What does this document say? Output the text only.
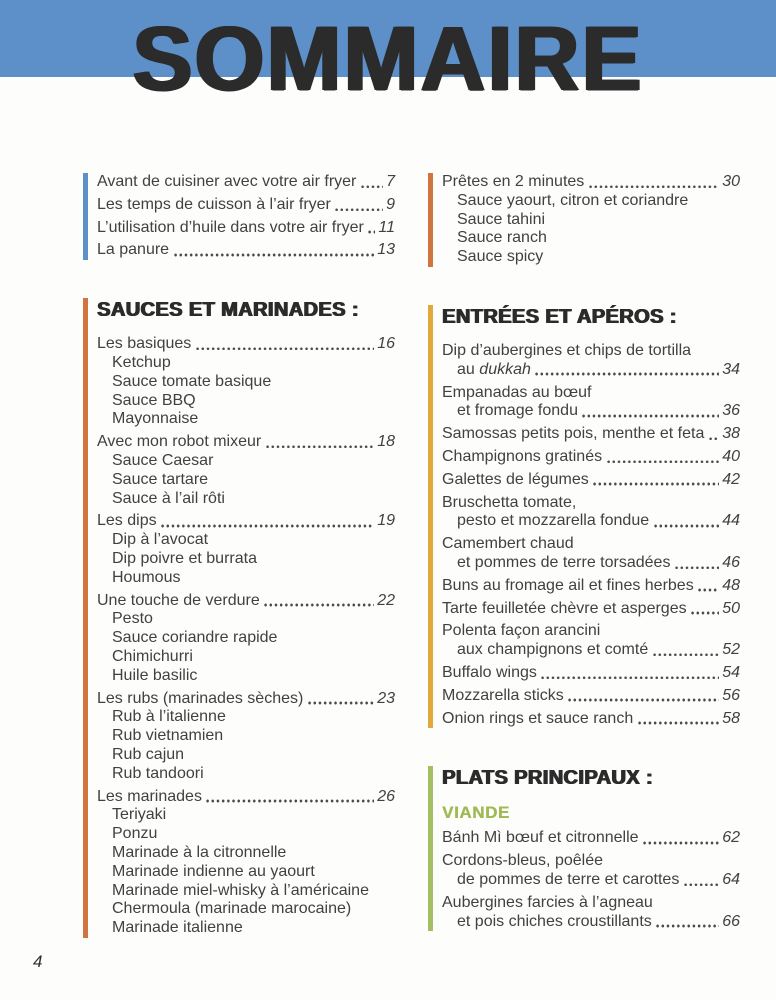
SOMMAIRE
Avant de cuisiner avec votre air fryer 7
Les temps de cuisson à l’air fryer	9
L’utilisation d’huile dans votre air fryer 11
La panure	13
SAUCES ET MARINADES :
Les basiques	16
Ketchup
Sauce tomate basique
Sauce BBQ
Mayonnaise
Avec mon robot mixeur	18
Sauce Caesar
Sauce tartare
Sauce à l’ail rôti
Les dips	19
Dip à l’avocat
Dip poivre et burrata
Houmous
Une touche de verdure	22
Pesto
Sauce coriandre rapide
Chimichurri
Huile basilic
Les rubs (marinades sèches)	23
Rub à l’italienne
Rub vietnamien
Rub cajun
Rub tandoori
Les marinades	26
Teriyaki
Ponzu
Marinade à la citronnelle
Marinade indienne au yaourt
Marinade miel-whisky à l’américaine
Chermoula (marinade marocaine)
Marinade italienne
Prêtes en 2 minutes	30
Sauce yaourt, citron et coriandre
Sauce tahini
Sauce ranch
Sauce spicy
ENTRÉES ET APÉROS :
Dip d’aubergines et chips de tortilla
au dukkah	34
Empanadas au bœuf
et fromage fondu	36
Samossas petits pois, menthe et feta 38
Champignons gratinés	40
Galettes de légumes	42
Bruschetta tomate,
pesto et mozzarella fondue	44
Camembert chaud
et pommes de terre torsadées	46
Buns au fromage ail et fines herbes 48
Tarte feuilletée chèvre et asperges 50
Polenta façon arancini
aux champignons et comté	52
Buffalo wings	54
Mozzarella sticks	56
Onion rings et sauce ranch	58
PLATS PRINCIPAUX :
VIANDE
Bánh Mì bœuf et citronnelle	62
Cordons-bleus, poêlée
de pommes de terre et carottes	64
Aubergines farcies à l’agneau
et pois chiches croustillants	66
4
